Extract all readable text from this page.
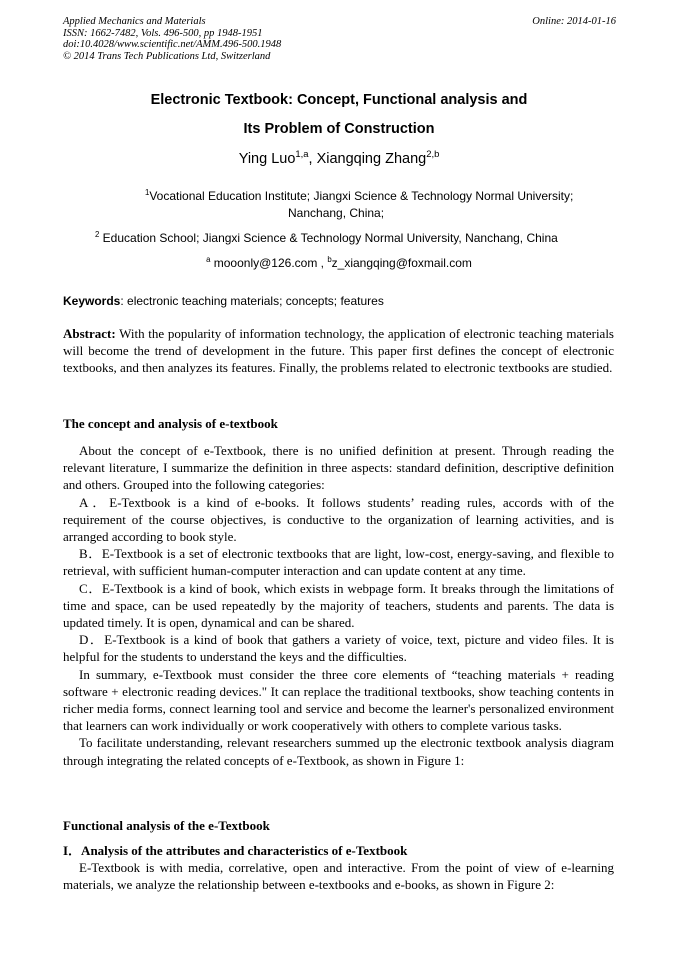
Applied Mechanics and Materials
ISSN: 1662-7482, Vols. 496-500, pp 1948-1951
doi:10.4028/www.scientific.net/AMM.496-500.1948
© 2014 Trans Tech Publications Ltd, Switzerland
Online: 2014-01-16
Electronic Textbook: Concept, Functional analysis and
Its Problem of Construction
Ying Luo$^{1,a}$, Xiangqing Zhang$^{2,b}$
$^1$Vocational Education Institute; Jiangxi Science & Technology Normal University;
Nanchang, China;
$^2$ Education School; Jiangxi Science & Technology Normal University, Nanchang, China
$^a$ mooonly@126.com , $^b$z_xiangqing@foxmail.com
Keywords: electronic teaching materials; concepts; features

Abstract: With the popularity of information technology, the application of electronic teaching materials will become the trend of development in the future. This paper first defines the concept of electronic textbooks, and then analyzes its features. Finally, the problems related to electronic textbooks are studied.

The concept and analysis of e-textbook

About the concept of e-Textbook, there is no unified definition at present. Through reading the relevant literature, I summarize the definition in three aspects: standard definition, descriptive definition and others. Grouped into the following categories:

A．E-Textbook is a kind of e-books. It follows students’ reading rules, accords with of the requirement of the course objectives, is conductive to the organization of learning activities, and is arranged according to book style.

B．E-Textbook is a set of electronic textbooks that are light, low-cost, energy-saving, and flexible to retrieval, with sufficient human-computer interaction and can update content at any time.

C．E-Textbook is a kind of book, which exists in webpage form. It breaks through the limitations of time and space, can be used repeatedly by the majority of teachers, students and parents. The data is updated timely. It is open, dynamical and can be shared.

D．E-Textbook is a kind of book that gathers a variety of voice, text, picture and video files. It is helpful for the students to understand the keys and the difficulties.

In summary, e-Textbook must consider the three core elements of “teaching materials + reading software + electronic reading devices." It can replace the traditional textbooks, show teaching contents in richer media forms, connect learning tool and service and become the learner's personalized environment that learners can work individually or work cooperatively with others to complete various tasks.

To facilitate understanding, relevant researchers summed up the electronic textbook analysis diagram through integrating the related concepts of e-Textbook, as shown in Figure 1:

Functional analysis of the e-Textbook
I．Analysis of the attributes and characteristics of e-Textbook

E-Textbook is with media, correlative, open and interactive. From the point of view of e-learning materials, we analyze the relationship between e-textbooks and e-books, as shown in Figure 2:
